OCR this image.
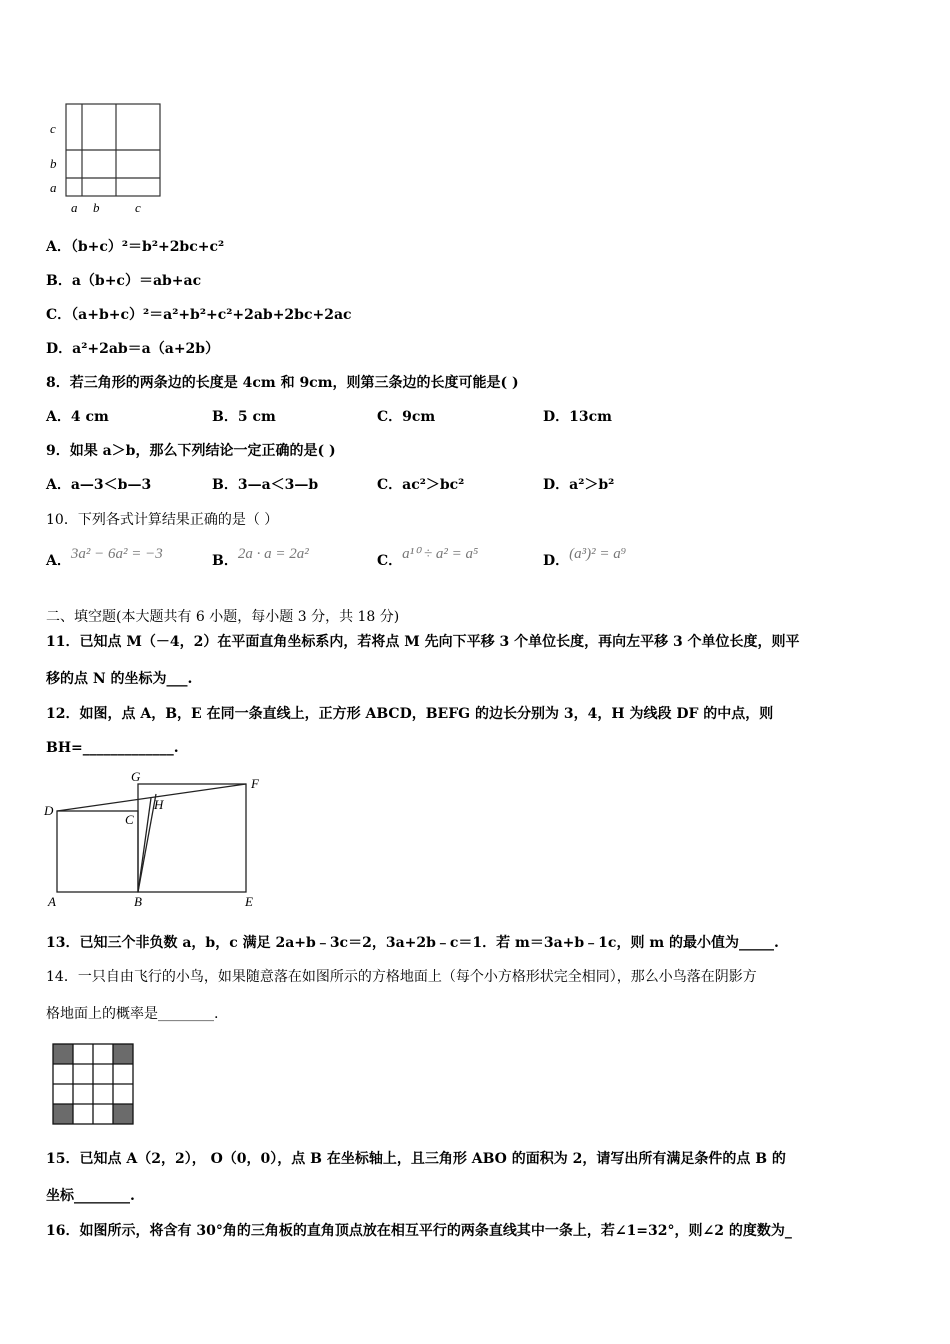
c
b
a
a b	c
A．（b+c）²＝b²+2bc+c²
B．a（b+c）＝ab+ac
C．（a+b+c）²＝a²+b²+c²+2ab+2bc+2ac
D．a²+2ab＝a（a+2b）
8．若三角形的两条边的长度是 4cm 和 9cm，则第三条边的长度可能是( )
A．4 cm	B．5 cm	C．9cm	D．13cm
9．如果 a＞b，那么下列结论一定正确的是( )
A．a—3＜b—3	B．3—a＜3—b	C．ac²＞bc²	D．a²＞b²
10．下列各式计算结果正确的是（ ）
A．3a² − 6a² = −3	B．2a · a = 2a²	C．a¹⁰ ÷ a² = a⁵	D．(a³)² = a⁹
二、填空题(本大题共有 6 小题，每小题 3 分，共 18 分)
11．已知点 M（－4，2）在平面直角坐标系内，若将点 M 先向下平移 3 个单位长度，再向左平移 3 个单位长度，则平
移的点 N 的坐标为___.
12．如图，点 A，B，E 在同一条直线上，正方形 ABCD，BEFG 的边长分别为 3，4，H 为线段 DF 的中点，则
BH=_____________.
G	F
D	H
C
A	B	E
13．已知三个非负数 a，b，c 满足 2a+b﹣3c＝2，3a+2b﹣c＝1．若 m＝3a+b﹣1c，则 m 的最小值为_____.
14．一只自由飞行的小鸟，如果随意落在如图所示的方格地面上（每个小方格形状完全相同），那么小鸟落在阴影方
格地面上的概率是________.
15．已知点 A（2，2）， O（0，0），点 B 在坐标轴上，且三角形 ABO 的面积为 2，请写出所有满足条件的点 B 的
坐标________.
16．如图所示，将含有 30°角的三角板的直角顶点放在相互平行的两条直线其中一条上，若∠1=32°，则∠2 的度数为_
